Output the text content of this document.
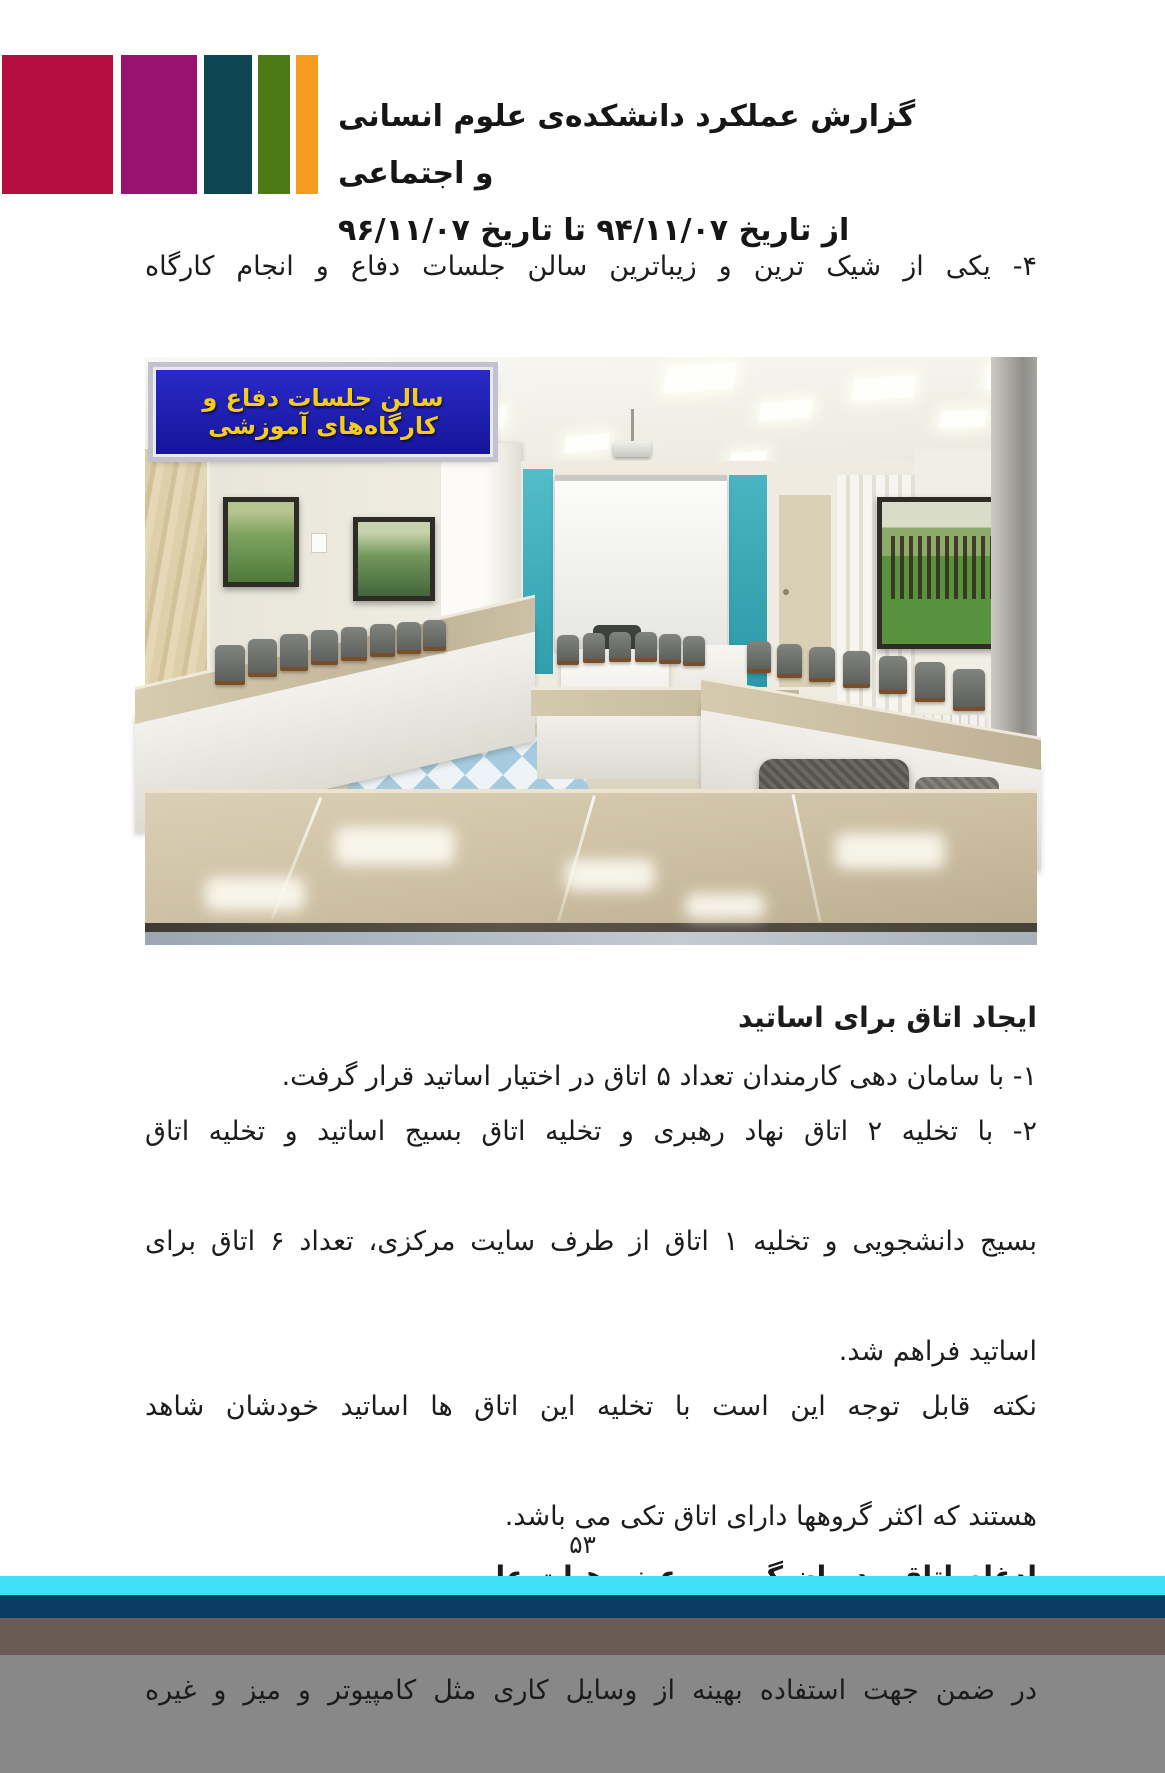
گزارش عملکرد دانشکده‌ی علوم انسانی و اجتماعی
از تاریخ ۹۴/۱۱/۰۷ تا تاریخ ۹۶/۱۱/۰۷
۴- یکی از شیک ترین و زیباترین سالن جلسات دفاع و انجام کارگاه
سالن جلسات دفاع و کارگاه‌های آموزشی
ایجاد اتاق برای اساتید
۱- با سامان دهی کارمندان تعداد ۵ اتاق در اختیار اساتید قرار گرفت.
۲- با تخلیه ۲ اتاق نهاد رهبری و تخلیه اتاق بسیج اساتید و تخلیه اتاق
بسیج دانشجویی و تخلیه ۱ اتاق از طرف سایت مرکزی، تعداد ۶ اتاق برای
اساتید فراهم شد.
نکته قابل توجه این است با تخلیه این اتاق ها اساتید خودشان شاهد
هستند که اکثر گروهها دارای اتاق تکی می باشد.
در ضمن جهت استفاده بهینه از وسایل کاری مثل کامپیوتر و میز و غیره
۵۳
